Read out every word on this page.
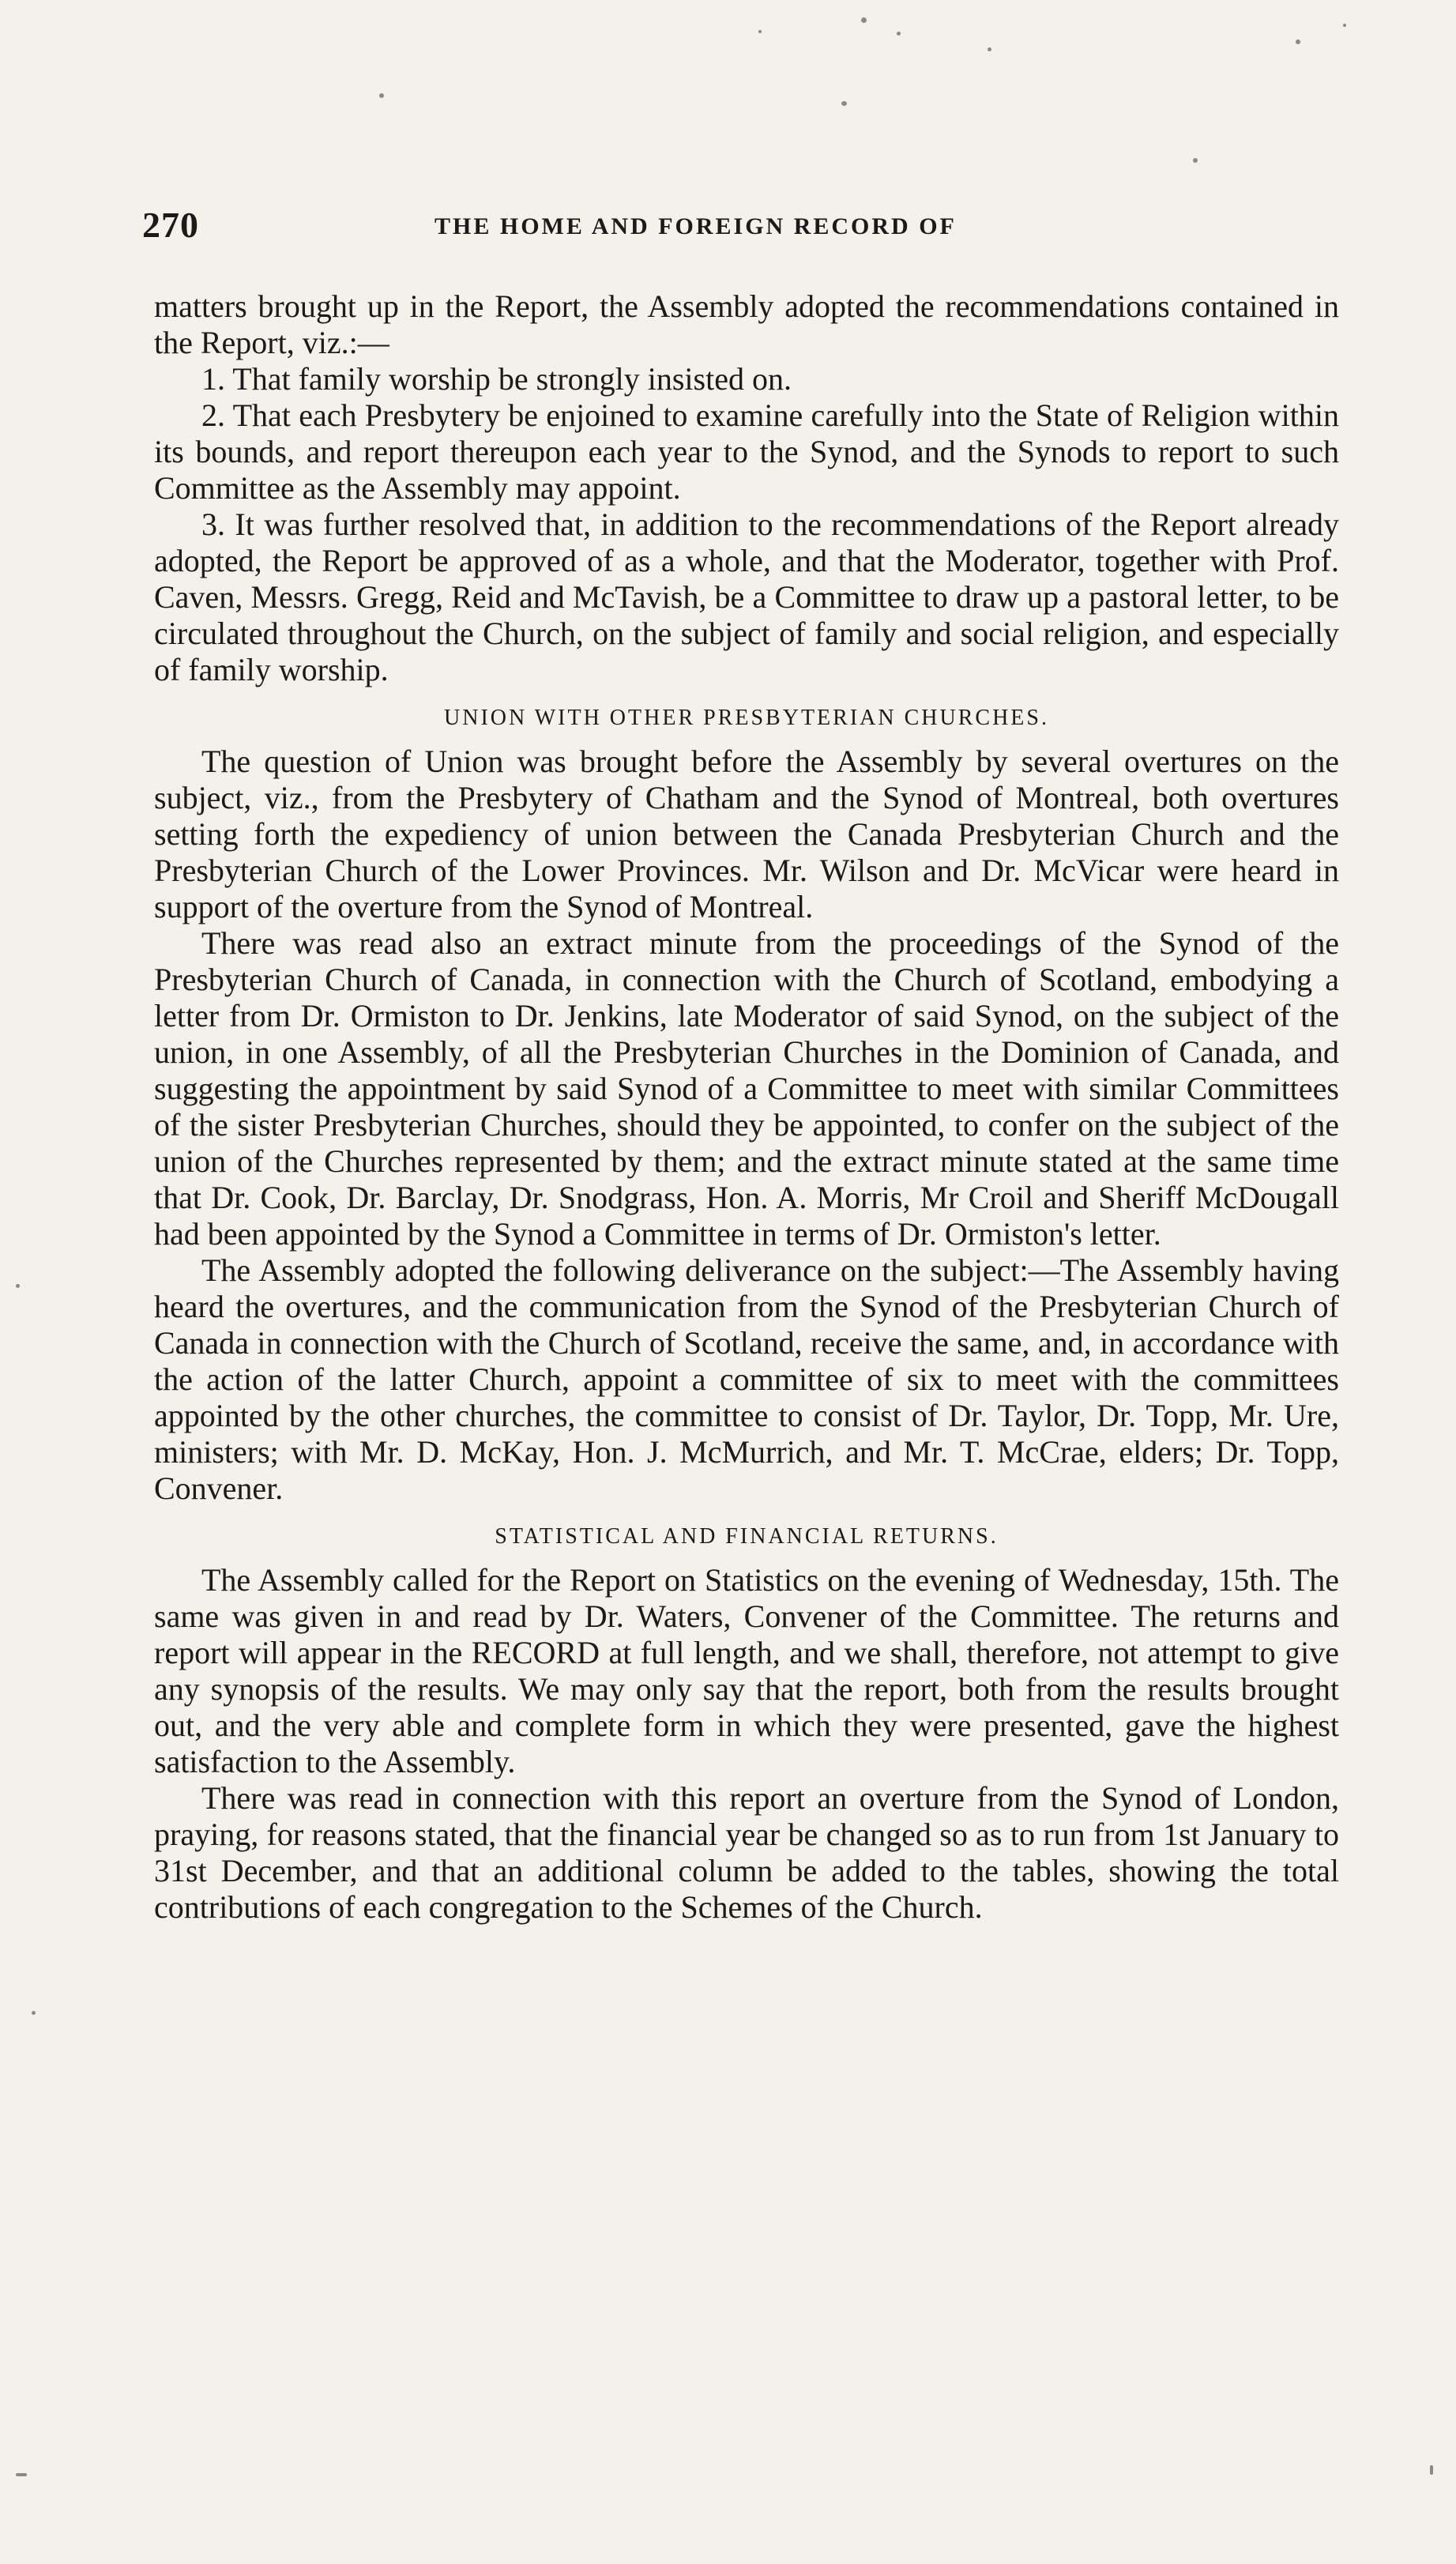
270	THE HOME AND FOREIGN RECORD OF

matters brought up in the Report, the Assembly adopted the recommendations contained in the Report, viz.:—

1. That family worship be strongly insisted on.

2. That each Presbytery be enjoined to examine carefully into the State of Religion within its bounds, and report thereupon each year to the Synod, and the Synods to report to such Committee as the Assembly may appoint.

3. It was further resolved that, in addition to the recommendations of the Report already adopted, the Report be approved of as a whole, and that the Moderator, together with Prof. Caven, Messrs. Gregg, Reid and McTavish, be a Committee to draw up a pastoral letter, to be circulated throughout the Church, on the subject of family and social religion, and especially of family worship.

UNION WITH OTHER PRESBYTERIAN CHURCHES.

The question of Union was brought before the Assembly by several overtures on the subject, viz., from the Presbytery of Chatham and the Synod of Montreal, both overtures setting forth the expediency of union between the Canada Presbyterian Church and the Presbyterian Church of the Lower Provinces. Mr. Wilson and Dr. McVicar were heard in support of the overture from the Synod of Montreal.

There was read also an extract minute from the proceedings of the Synod of the Presbyterian Church of Canada, in connection with the Church of Scotland, embodying a letter from Dr. Ormiston to Dr. Jenkins, late Moderator of said Synod, on the subject of the union, in one Assembly, of all the Presbyterian Churches in the Dominion of Canada, and suggesting the appointment by said Synod of a Committee to meet with similar Committees of the sister Presbyterian Churches, should they be appointed, to confer on the subject of the union of the Churches represented by them; and the extract minute stated at the same time that Dr. Cook, Dr. Barclay, Dr. Snodgrass, Hon. A. Morris, Mr Croil and Sheriff McDougall had been appointed by the Synod a Committee in terms of Dr. Ormiston's letter.

The Assembly adopted the following deliverance on the subject:—The Assembly having heard the overtures, and the communication from the Synod of the Presbyterian Church of Canada in connection with the Church of Scotland, receive the same, and, in accordance with the action of the latter Church, appoint a committee of six to meet with the committees appointed by the other churches, the committee to consist of Dr. Taylor, Dr. Topp, Mr. Ure, ministers; with Mr. D. McKay, Hon. J. McMurrich, and Mr. T. McCrae, elders; Dr. Topp, Convener.

STATISTICAL AND FINANCIAL RETURNS.

The Assembly called for the Report on Statistics on the evening of Wednesday, 15th. The same was given in and read by Dr. Waters, Convener of the Committee. The returns and report will appear in the RECORD at full length, and we shall, therefore, not attempt to give any synopsis of the results. We may only say that the report, both from the results brought out, and the very able and complete form in which they were presented, gave the highest satisfaction to the Assembly.

There was read in connection with this report an overture from the Synod of London, praying, for reasons stated, that the financial year be changed so as to run from 1st January to 31st December, and that an additional column be added to the tables, showing the total contributions of each congregation to the Schemes of the Church.
